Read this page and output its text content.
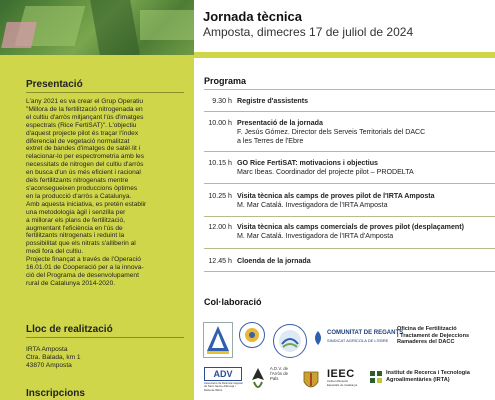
Presentació

L'any 2021 es va crear el Grup Operatiu

"Millora de la fertilització nitrogenada en

el cultiu d'arròs mitjançant l'ús d'imatges

espectrals (Rice FertiSAT)". L'objectiu

d'aquest projecte pilot és traçar l'índex

diferencial de vegetació normalitzat

extret de bandes d'imatges de satèl·lit i

relacionar-lo per espectrometria amb les

necessitats de nitrogen del cultiu d'arròs

en busca d'un ús més eficient i racional

dels fertilitzants nitrogenats mentre

s'aconsegueixen produccions òptimes

en la producció d'arròs a Catalunya.

Amb aquesta iniciativa, es pretén establir

una metodologia àgil i senzilla per

a millorar els plans de fertilització,

augmentant l'eficiència en l'ús de

fertilitzants nitrogenats i reduint la

possibilitat que els nitrats s'alliberin al

medi fora del cultiu.

Projecte finançat a través de l'Operació

16.01.01 de Cooperació per a la innova-

ció del Programa de desenvolupament

rural de Catalunya 2014-2020.

Lloc de realització

IRTA Amposta

Ctra. Balada, km 1

43870 Amposta

Inscripcions

Jornada tècnica
Amposta, dimecres 17 de juliol de 2024
Programa
9.30 h Registre d'assistents
10.00 h Presentació de la jornada
F. Jesús Gómez. Director dels Serveis Territorials del DACC
a les Terres de l'Ebre
10.15 h GO Rice FertiSAT: motivacions i objectius
Marc Ibeas. Coordinador del projecte pilot – PRODELTA
10.25 h Visita tècnica als camps de proves pilot de l'IRTA Amposta
M. Mar Catalá. Investigadora de l'IRTA Amposta
12.00 h Visita tècnica als camps comercials de proves pilot (desplaçament)
M. Mar Catalá. Investigadora de l'IRTA d'Amposta
12.45 h Cloenda de la jornada
Col·laboració
COMUNITAT DE REGANTS
SINDICAT AGRÍCOLA DE L'EBRE
Oficina de Fertilització
i Tractament de Dejeccions
Ramaderes del DACC
ADV
Associació de Defensa Vegetal
de Sant Jaume d'Enveja i
Delta de l'Ebre
A.D.V. de
l'Arròs de
Pals	IEEC
Institut d'Estudis
Espacials de Catalunya
Institut de Recerca i Tecnologia
Agroalimentàries (IRTA)
